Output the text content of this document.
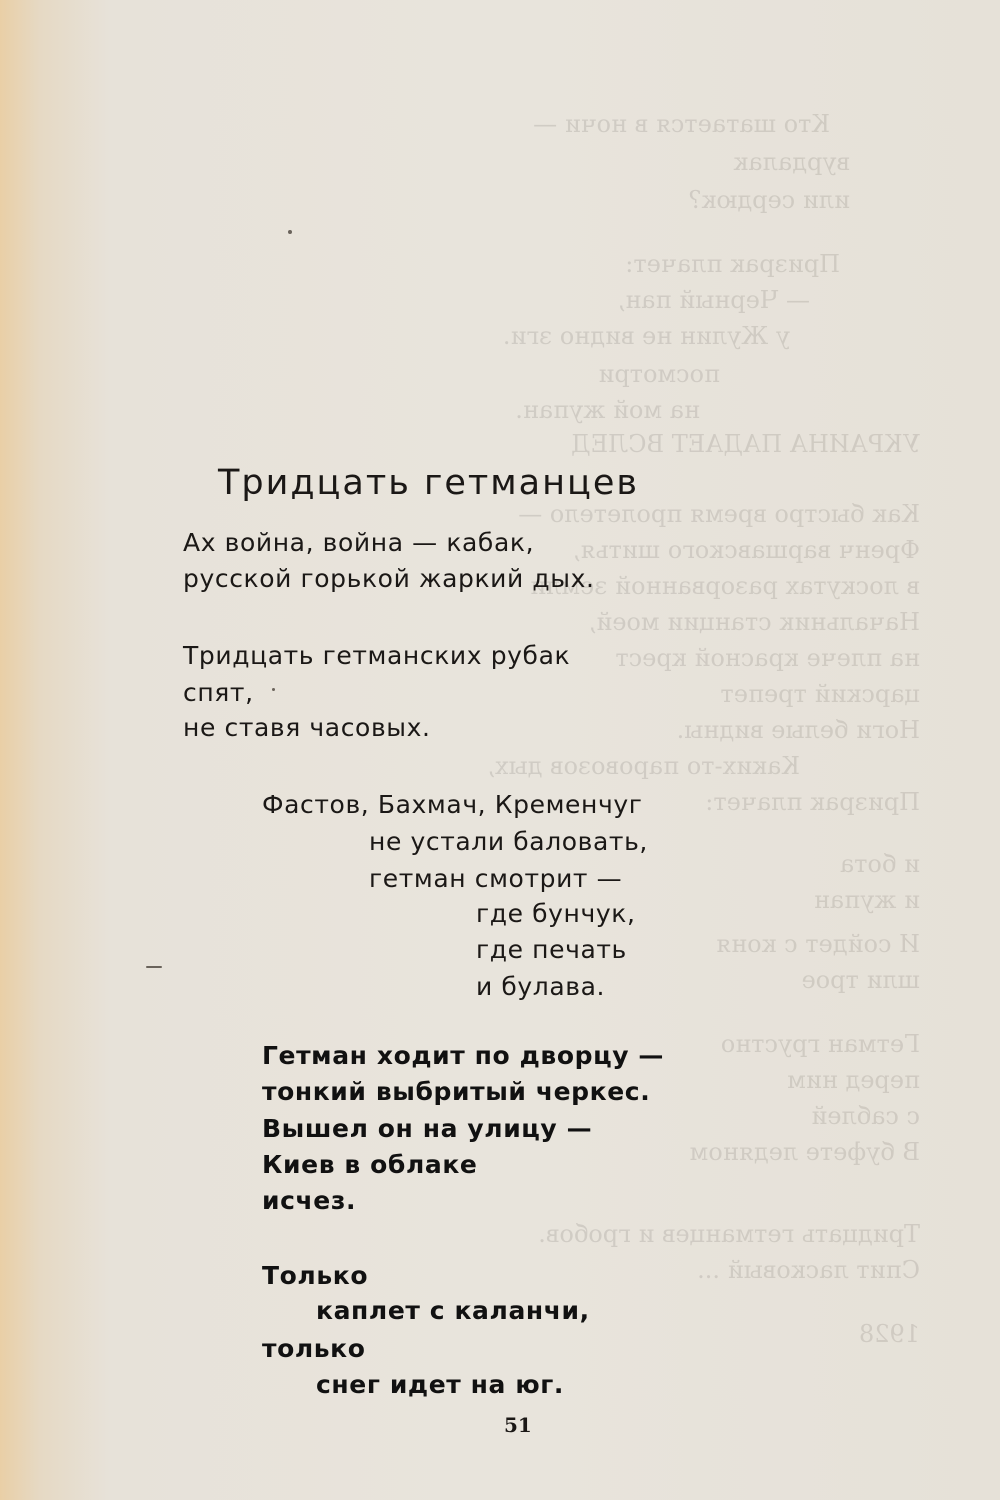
Кто шатается в ночи —
вурдалак
или сердюк?
Призрак плачет:
— Черный пан,
у Жулин не видно зги.
посмотри
на мой жупан.
УКРАИНА ПАДАЕТ ВСЛЕД
Как быстро время пролетело —
Френч варшавского шитья,
в лоскутах разорванной земли
Начальник станции моей,
на плече красной крест
царский трепет
Ноги белые видны.
Каких-то паровозов дых,
Призрак плачет:
и бота
и жупан
И сойдет с коня
шли трое
Гетман грустно
перед ним
с саблей
В буфете ледяном
Тридцать гетманцев и гробов.
Спит ласковый ...
1928
Тридцать гетманцев
Ах война, война — кабак,
русской горькой жаркий дых.
Тридцать гетманских рубак
спят,
не ставя часовых.
Фастов, Бахмач, Кременчуг
не устали баловать,
гетман смотрит —
где бунчук,
где печать
и булава.
Гетман ходит по дворцу —
тонкий выбритый черкес.
Вышел он на улицу —
Киев в облаке
исчез.
Только
каплет с каланчи,
только
снег идет на юг.
51
